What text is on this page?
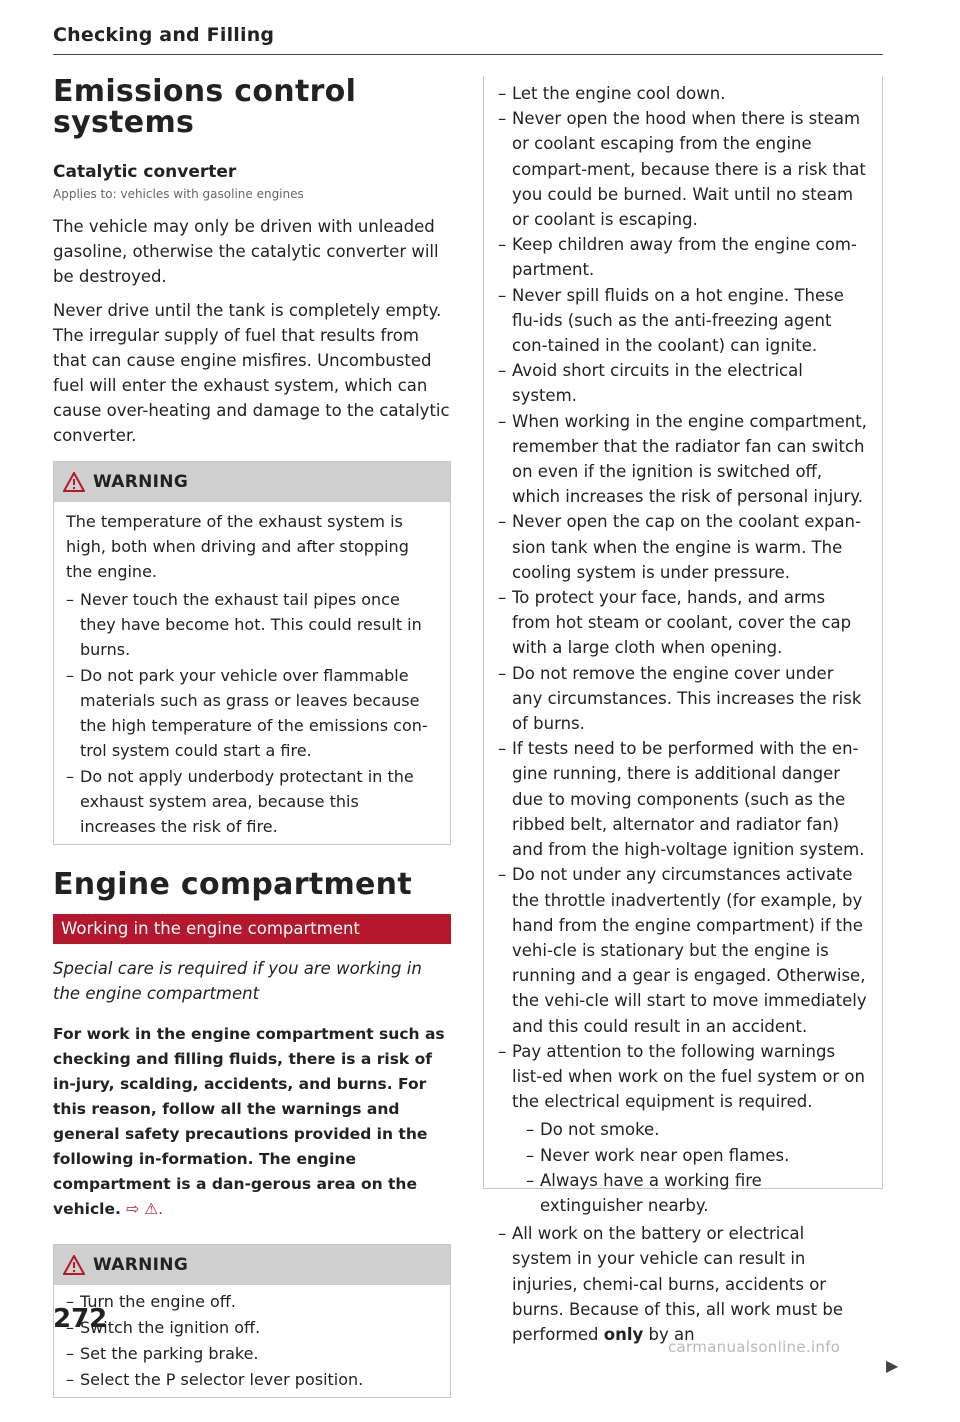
Checking and Filling
Emissions control systems
Catalytic converter
Applies to: vehicles with gasoline engines

The vehicle may only be driven with unleaded gasoline, otherwise the catalytic converter will be destroyed.

Never drive until the tank is completely empty. The irregular supply of fuel that results from that can cause engine misfires. Uncombusted fuel will enter the exhaust system, which can cause over-heating and damage to the catalytic converter.

WARNING
The temperature of the exhaust system is high, both when driving and after stopping the engine.
– Never touch the exhaust tail pipes once they have become hot. This could result in burns.
– Do not park your vehicle over flammable materials such as grass or leaves because the high temperature of the emissions con-trol system could start a fire.
– Do not apply underbody protectant in the exhaust system area, because this increases the risk of fire.
Engine compartment
Working in the engine compartment
Special care is required if you are working in the engine compartment
For work in the engine compartment such as checking and filling fluids, there is a risk of in-jury, scalding, accidents, and burns. For this reason, follow all the warnings and general safety precautions provided in the following in-formation. The engine compartment is a dan-gerous area on the vehicle. ⇨ ⚠.
WARNING
– Turn the engine off.
– Switch the ignition off.
– Set the parking brake.
– Select the P selector lever position.
– Let the engine cool down.
– Never open the hood when there is steam or coolant escaping from the engine compart-ment, because there is a risk that you could be burned. Wait until no steam or coolant is escaping.
– Keep children away from the engine com-partment.
– Never spill fluids on a hot engine. These flu-ids (such as the anti-freezing agent con-tained in the coolant) can ignite.
– Avoid short circuits in the electrical system.
– When working in the engine compartment, remember that the radiator fan can switch on even if the ignition is switched off, which increases the risk of personal injury.
– Never open the cap on the coolant expan-sion tank when the engine is warm. The cooling system is under pressure.
– To protect your face, hands, and arms from hot steam or coolant, cover the cap with a large cloth when opening.
– Do not remove the engine cover under any circumstances. This increases the risk of burns.
– If tests need to be performed with the en-gine running, there is additional danger due to moving components (such as the ribbed belt, alternator and radiator fan) and from the high-voltage ignition system.
– Do not under any circumstances activate the throttle inadvertently (for example, by hand from the engine compartment) if the vehi-cle is stationary but the engine is running and a gear is engaged. Otherwise, the vehi-cle will start to move immediately and this could result in an accident.
– Pay attention to the following warnings list-ed when work on the fuel system or on the electrical equipment is required.
– Do not smoke.
– Never work near open flames.
– Always have a working fire extinguisher nearby.
– All work on the battery or electrical system in your vehicle can result in injuries, chemi-cal burns, accidents or burns. Because of this, all work must be performed only by an
▶
272
carmanualsonline.info
